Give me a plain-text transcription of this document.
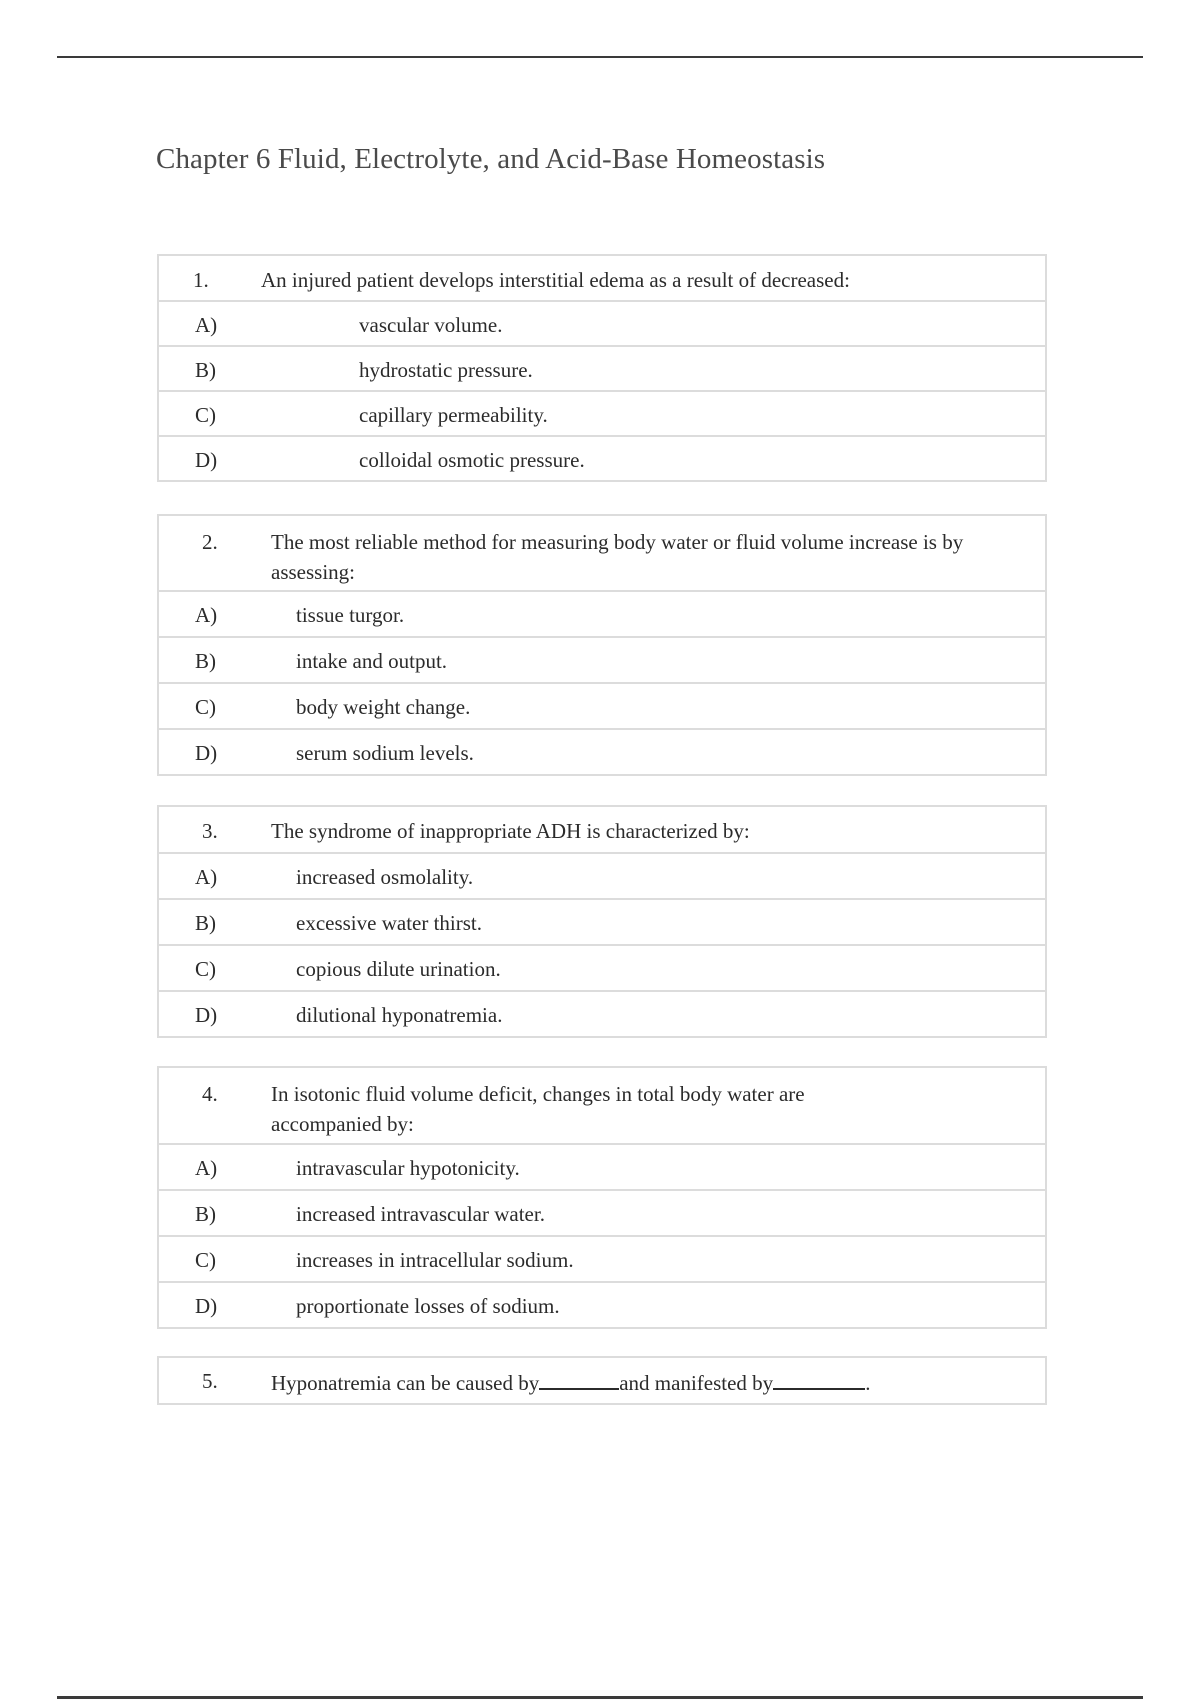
Chapter 6 Fluid, Electrolyte, and Acid-Base Homeostasis
1.	An injured patient develops interstitial edema as a result of decreased:
A)	vascular volume.
B)	hydrostatic pressure.
C)	capillary permeability.
D)	colloidal osmotic pressure.
2.	The most reliable method for measuring body water or fluid volume increase is by assessing:
A)	tissue turgor.
B)	intake and output.
C)	body weight change.
D)	serum sodium levels.
3.	The syndrome of inappropriate ADH is characterized by:
A)	increased osmolality.
B)	excessive water thirst.
C)	copious dilute urination.
D)	dilutional hyponatremia.
4.	In isotonic fluid volume deficit, changes in total body water are accompanied by:
A)	intravascular hypotonicity.
B)	increased intravascular water.
C)	increases in intracellular sodium.
D)	proportionate losses of sodium.
5.	Hyponatremia can be caused by	and manifested by	.
